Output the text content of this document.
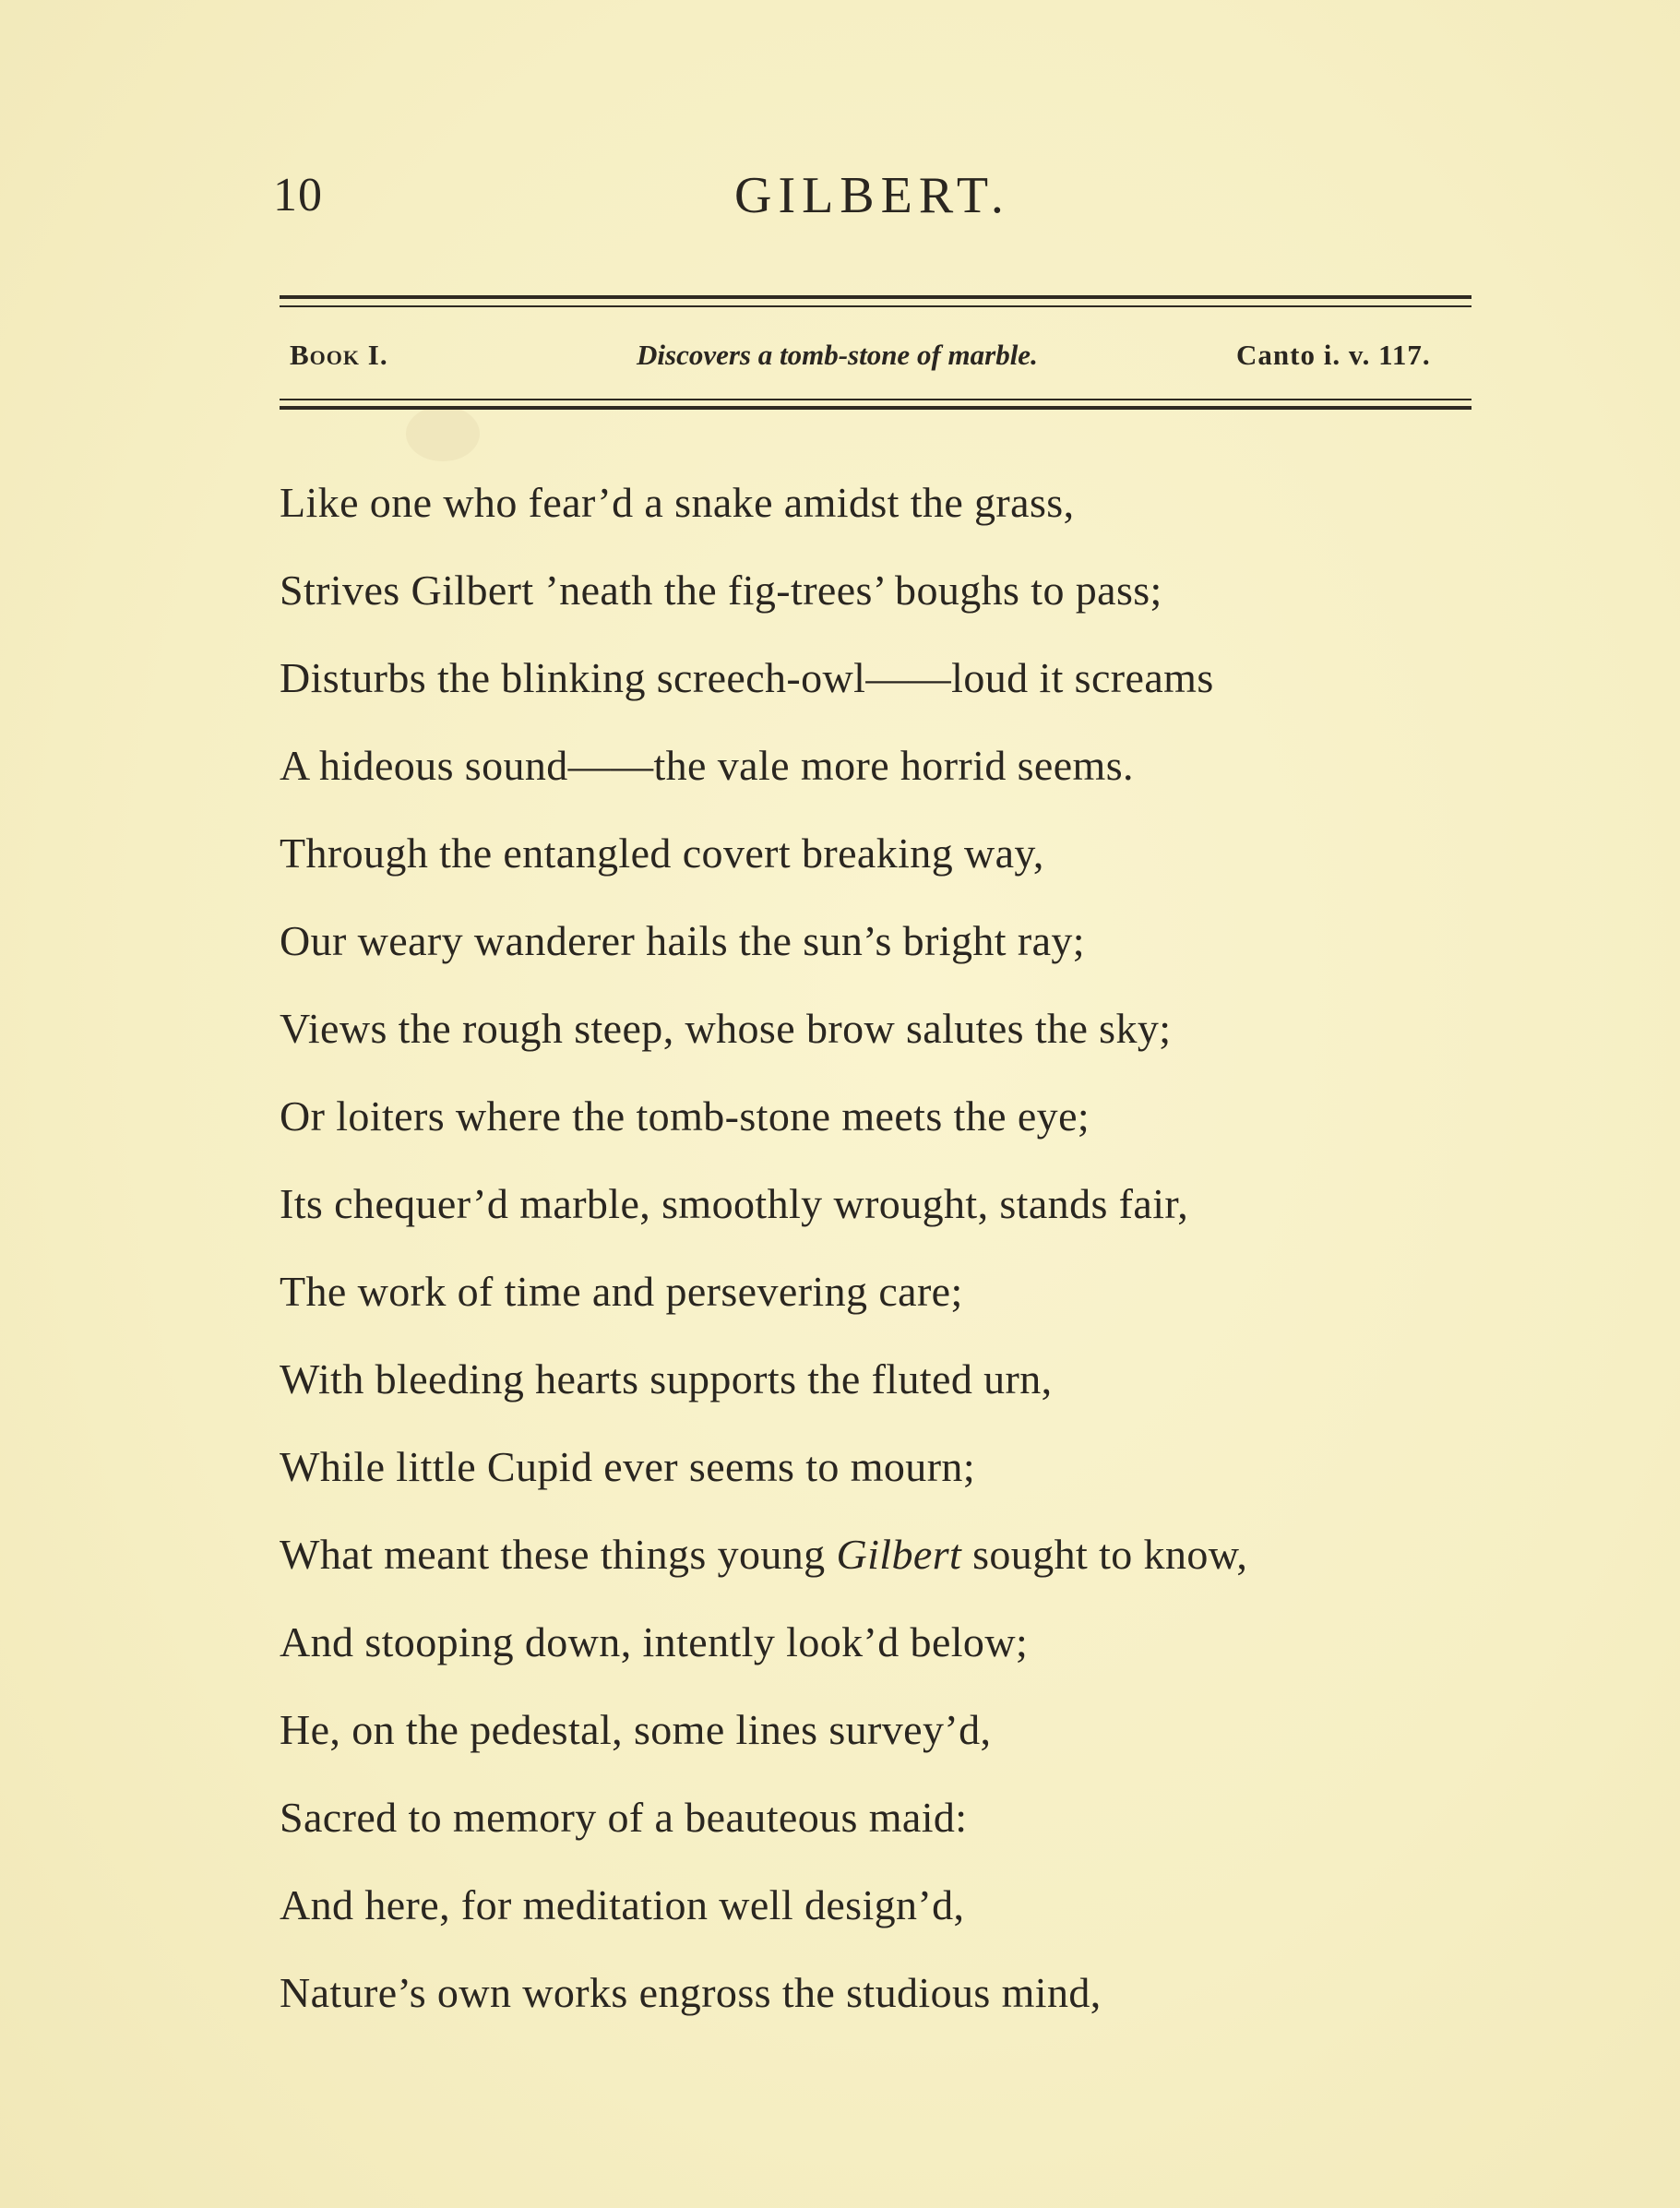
10	GILBERT.
Book I.	Discovers a tomb-stone of marble.	Canto i. v. 117.
Like one who fear’d a snake amidst the grass,
Strives Gilbert ’neath the fig-trees’ boughs to pass;
Disturbs the blinking screech-owl——loud it screams
A hideous sound——the vale more horrid seems.
Through the entangled covert breaking way,
Our weary wanderer hails the sun’s bright ray;
Views the rough steep, whose brow salutes the sky;
Or loiters where the tomb-stone meets the eye;
Its chequer’d marble, smoothly wrought, stands fair,
The work of time and persevering care;
With bleeding hearts supports the fluted urn,
While little Cupid ever seems to mourn;
What meant these things young Gilbert sought to know,
And stooping down, intently look’d below;
He, on the pedestal, some lines survey’d,
Sacred to memory of a beauteous maid:
And here, for meditation well design’d,
Nature’s own works engross the studious mind,
